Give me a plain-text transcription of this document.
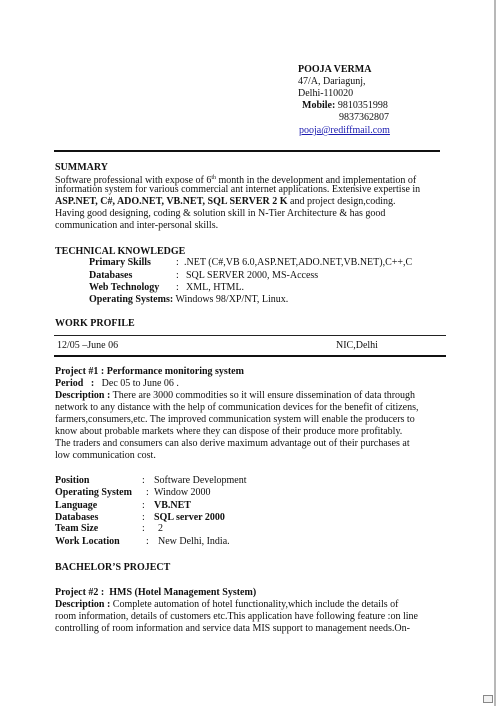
POOJA VERMA
47/A, Dariagunj,
Delhi-110020
Mobile: 9810351998
9837362807
pooja@rediffmail.com
SUMMARY
Software professional with expose of 6th month in the development and implementation of
information system for various commercial ant internet applications. Extensive expertise in
ASP.NET, C#, ADO.NET, VB.NET, SQL SERVER 2 K and project design,coding.
Having good designing, coding & solution skill in N-Tier Architecture & has good
communication and inter-personal skills.
TECHNICAL KNOWLEDGE
Primary Skills	: .NET (C#,VB 6.0,ASP.NET,ADO.NET,VB.NET),C++,C
Databases	: SQL SERVER 2000, MS-Access
Web Technology : XML, HTML.
Operating Systems: Windows 98/XP/NT, Linux.
WORK PROFILE
12/05 –June 06	NIC,Delhi
Project #1 : Performance monitoring system
Period : Dec 05 to June 06 .
Description : There are 3000 commodities so it will ensure dissemination of data through
network to any distance with the help of communication devices for the benefit of citizens,
farmers,consumers,etc. The improved communication system will enable the producers to
know about probable markets where they can dispose of their produce more profitably.
The traders and consumers can also derive maximum advantage out of their purchases at
low communication cost.
Position	: Software Development
Operating System : Window 2000
Language	: VB.NET
Databases	: SQL server 2000
Team Size	: 2
Work Location	: New Delhi, India.
BACHELOR’S PROJECT
Project #2 : HMS (Hotel Management System)
Description : Complete automation of hotel functionality,which include the details of
room information, details of customers etc.This application have following feature :on line
controlling of room information and service data MIS support to management needs.On-
